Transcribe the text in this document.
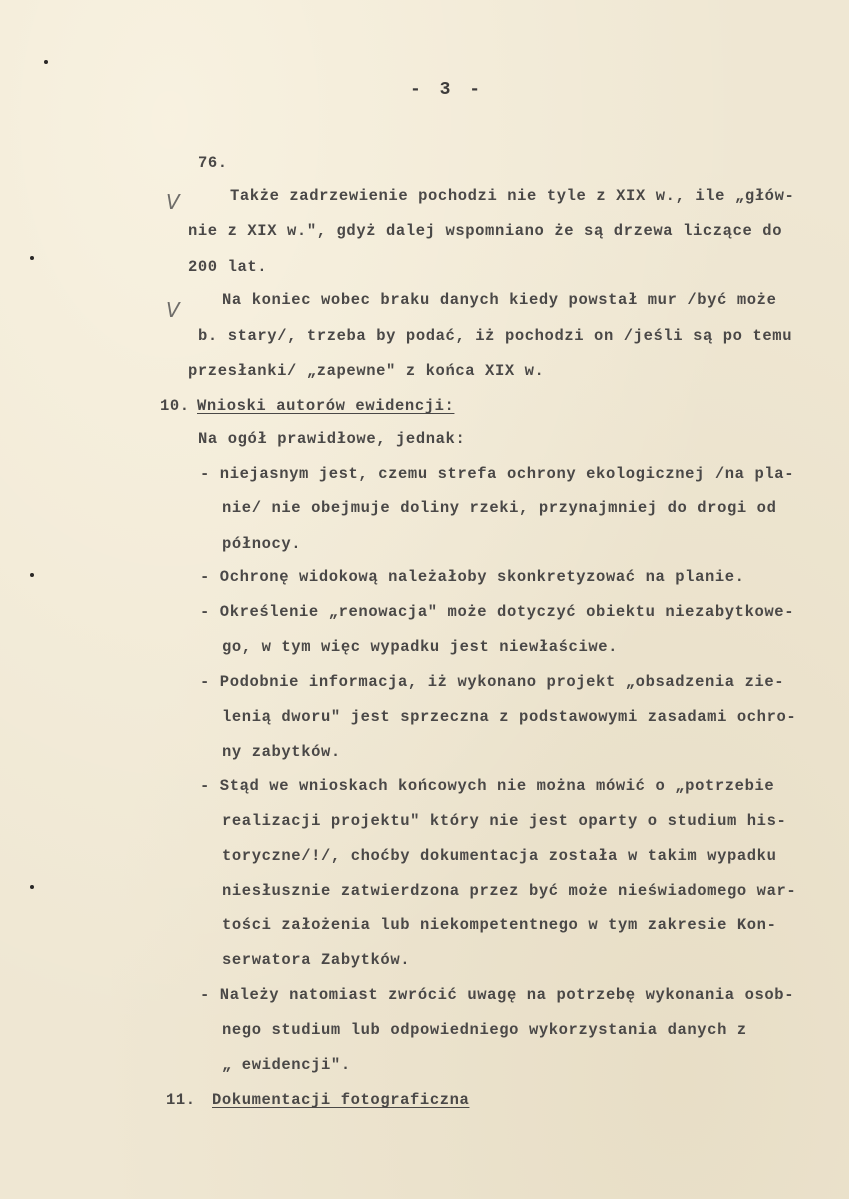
- 3 -
V
V
76.
Także zadrzewienie pochodzi nie tyle z XIX w., ile „głów-
nie z XIX w.", gdyż dalej wspomniano że są drzewa liczące do
200 lat.
Na koniec wobec braku danych kiedy powstał mur /być może
b. stary/, trzeba by podać, iż pochodzi on /jeśli są po temu
przesłanki/ „zapewne" z końca XIX w.
10. Wnioski autorów ewidencji:
Na ogół prawidłowe, jednak:
- niejasnym jest, czemu strefa ochrony ekologicznej /na pla-
nie/ nie obejmuje doliny rzeki, przynajmniej do drogi od
północy.
- Ochronę widokową należałoby skonkretyzować na planie.
- Określenie „renowacja" może dotyczyć obiektu niezabytkowe-
go, w tym więc wypadku jest niewłaściwe.
- Podobnie informacja, iż wykonano projekt „obsadzenia zie-
lenią dworu" jest sprzeczna z podstawowymi zasadami ochro-
ny zabytków.
- Stąd we wnioskach końcowych nie można mówić o „potrzebie
realizacji projektu" który nie jest oparty o studium his-
toryczne/!/, choćby dokumentacja została w takim wypadku
niesłusznie zatwierdzona przez być może nieświadomego war-
tości założenia lub niekompetentnego w tym zakresie Kon-
serwatora Zabytków.
- Należy natomiast zwrócić uwagę na potrzebę wykonania osob-
nego studium lub odpowiedniego wykorzystania danych z
„ ewidencji".
11. Dokumentacji fotograficzna
